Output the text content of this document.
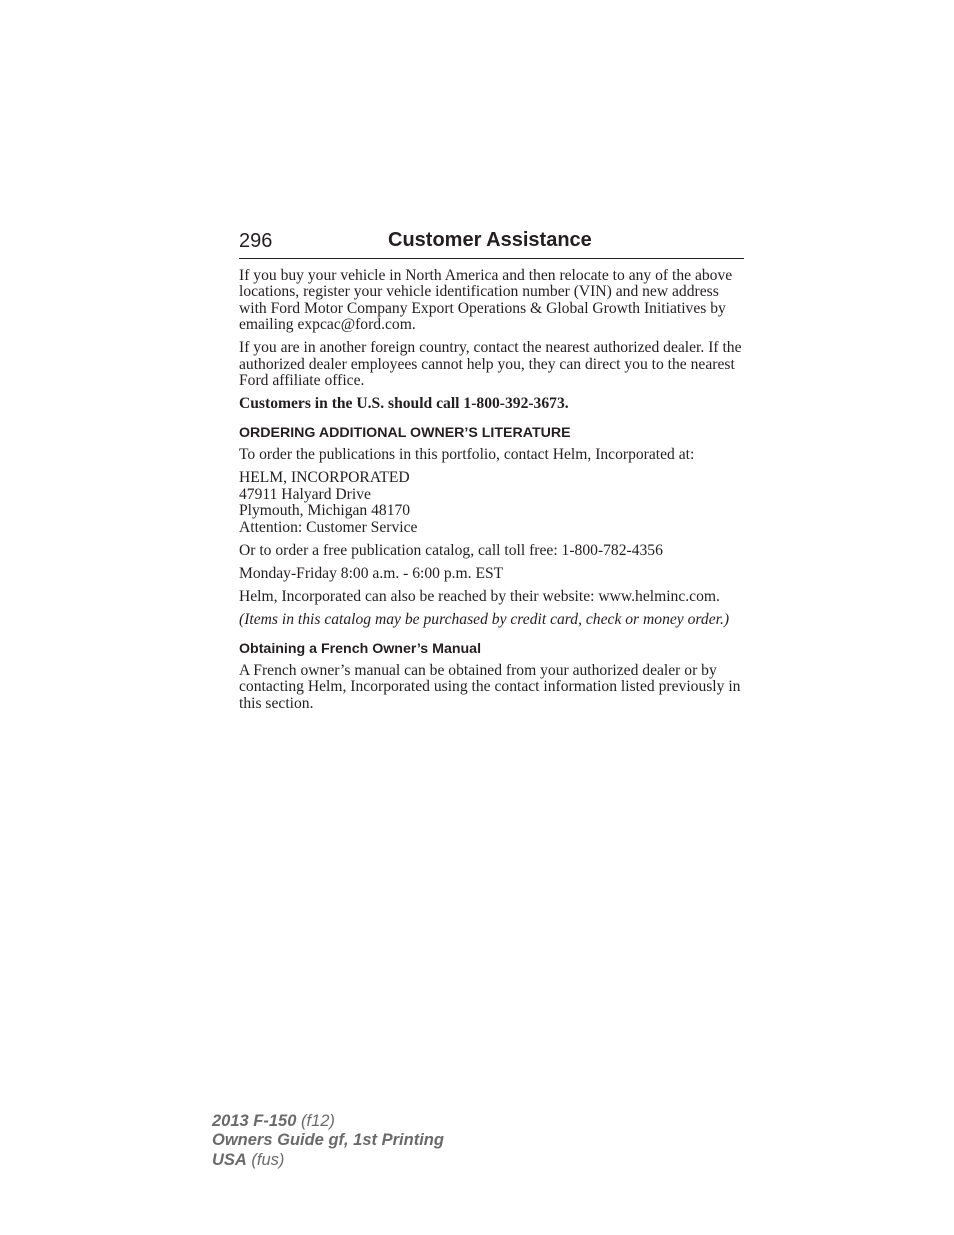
296	Customer Assistance

If you buy your vehicle in North America and then relocate to any of the above locations, register your vehicle identification number (VIN) and new address with Ford Motor Company Export Operations & Global Growth Initiatives by emailing expcac@ford.com.

If you are in another foreign country, contact the nearest authorized dealer. If the authorized dealer employees cannot help you, they can direct you to the nearest Ford affiliate office.

Customers in the U.S. should call 1-800-392-3673.

ORDERING ADDITIONAL OWNER’S LITERATURE

To order the publications in this portfolio, contact Helm, Incorporated at:

HELM, INCORPORATED
47911 Halyard Drive
Plymouth, Michigan 48170
Attention: Customer Service

Or to order a free publication catalog, call toll free: 1-800-782-4356

Monday-Friday 8:00 a.m. - 6:00 p.m. EST

Helm, Incorporated can also be reached by their website: www.helminc.com.

(Items in this catalog may be purchased by credit card, check or money order.)

Obtaining a French Owner’s Manual

A French owner’s manual can be obtained from your authorized dealer or by contacting Helm, Incorporated using the contact information listed previously in this section.

2013 F-150 (f12)
Owners Guide gf, 1st Printing
USA (fus)
